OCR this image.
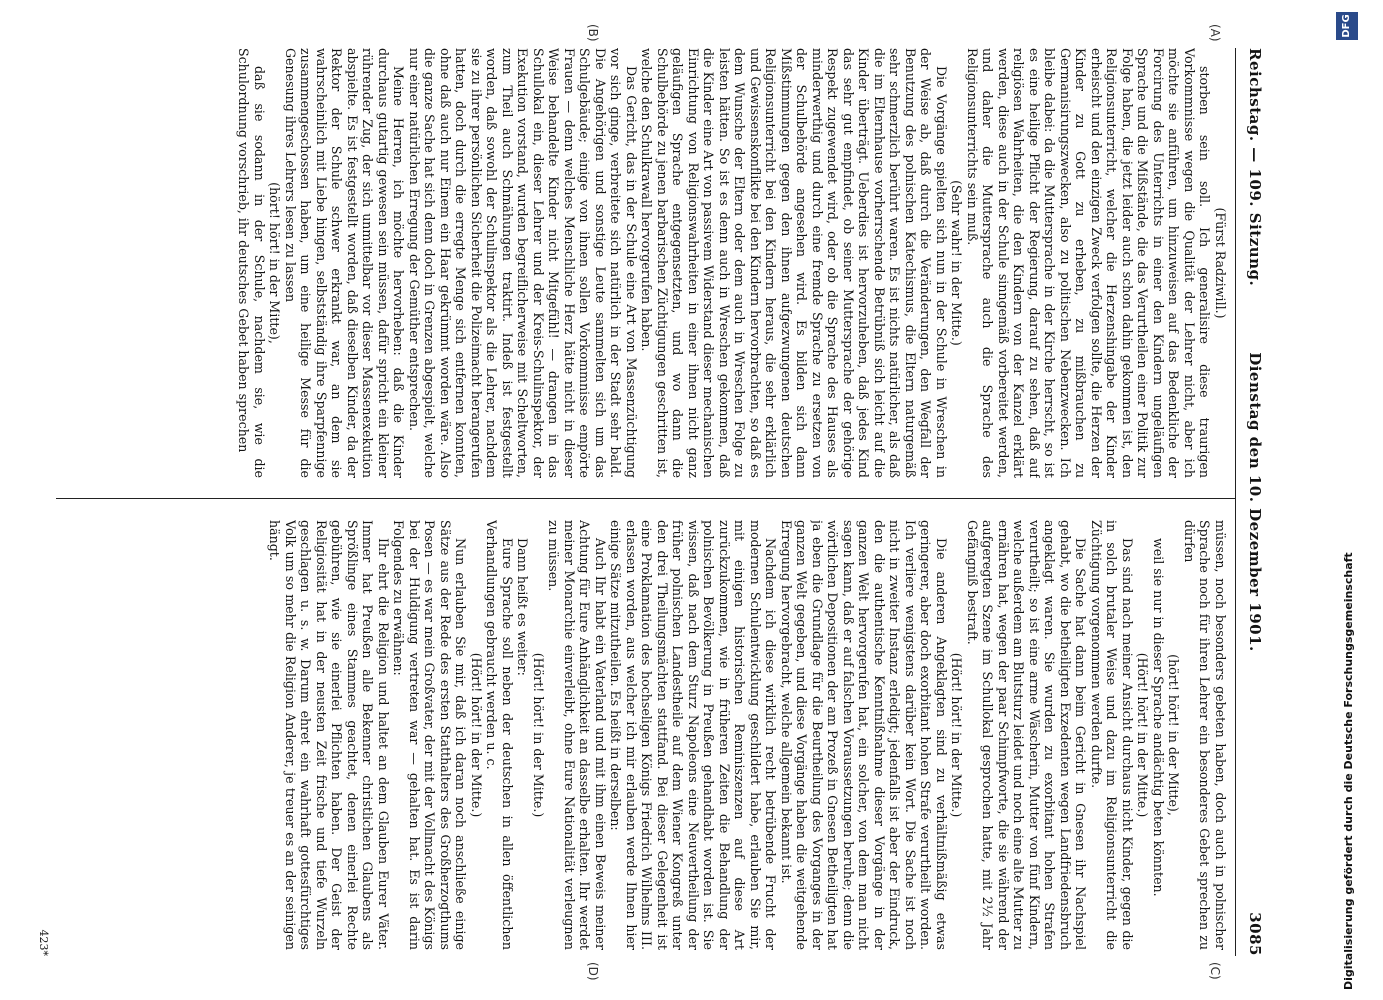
Reichstag. — 109. Sitzung.
Dienstag den 10. Dezember 1901.
3085
(A)
(B)
(C)
(D)

(Fürst Radziwill.)

storben sein soll. Ich generalisire diese traurigen Vorkommnisse wegen die Qualität der Lehrer nicht, aber ich möchte sie anführen, um hinzuweisen auf das Bedenkliche der Forcirung des Unterrichts in einer den Kindern ungeläufigen Sprache und die Mißstände, die das Verurtheilen einer Politik zur Folge haben, die jetzt leider auch schon dahin gekommen ist, den Religionsunterricht, welcher die Herzenshingabe der Kinder erheischt und den einzigen Zweck verfolgen sollte, die Herzen der Kinder zu Gott zu erheben, zu mißbrauchen zu Germanisirungszwecken, also zu politischen Nebenzwecken. Ich bleibe dabei: da die Muttersprache in der Kirche herrscht, so ist es eine heilige Pflicht der Regierung, darauf zu sehen, daß auf religiösen Wahrheiten, die den Kindern von der Kanzel erklärt werden, diese auch in der Schule sinngemäß vorbereitet werden, und daher die Muttersprache auch die Sprache des Religionsunterrichts sein muß.

(Sehr wahr! in der Mitte.)

Die Vorgänge spielten sich nun in der Schule in Wreschen in der Weise ab, daß durch die Veränderungen, den Wegfall der Benutzung des polnischen Katechismus, die Eltern naturgemäß sehr schmerzlich berührt waren. Es ist nichts natürlicher, als daß die im Elternhause vorherrschende Betrübniß sich leicht auf die Kinder überträgt. Ueberdies ist hervorzuheben, daß jedes Kind das sehr gut empfindet, ob seiner Muttersprache der gehörige Respekt zugewendet wird, oder ob die Sprache des Hauses als minderwerthig und durch eine fremde Sprache zu ersetzen von der Schulbehörde angesehen wird. Es bilden sich dann Mißstimmungen gegen den ihnen aufgezwungenen deutschen Religionsunterricht bei den Kindern heraus, die sehr erklärlich und Gewissenskonflikte bei den Kindern hervorbrachten, so daß es dem Wunsche der Eltern oder dem auch in Wreschen Folge zu leisten hätten. So ist es denn auch in Wreschen gekommen, daß die Kinder eine Art von passivem Widerstand dieser mechanischen Einrichtung von Religionswahrheiten in einer ihnen nicht ganz geläufigen Sprache entgegensetzten, und wo dann die Schulbehörde zu jenen barbarischen Züchtigungen geschritten ist, welche den Schulkrawall hervorgerufen haben.

Das Gericht, das in der Schule eine Art von Massenzüchtigung vor sich ginge, verbreitete sich natürlich in der Stadt sehr bald. Die Angehörigen und sonstige Leute sammelten sich um das Schulgebäude; einige von ihnen sollen Vorkommnisse empörte Frauen — denn welches Menschliche Herz hätte nicht in dieser Weise behandelte Kinder nicht Mitgefühl! — drangen in das Schullokal ein, dieser Lehrer und der Kreis-Schulinspektor, der Exekution vorstand, wurden begreiflicherweise mit Scheltworten, zum Theil auch Schmähungen traktirt. Indeß ist festgestellt worden, daß sowohl der Schulinspektor als die Lehrer, nachdem sie zu ihrer persönlichen Sicherheit die Polizeimacht herangerufen hatten, doch durch die erregte Menge sich entfernen konnten, ohne daß auch nur Einem ein Haar gekrümmt worden wäre. Also die ganze Sache hat sich denn doch in Grenzen abgespielt, welche nur einer natürlichen Erregung der Gemüther entsprechen.

Meine Herren, ich möchte hervorheben: daß die Kinder durchaus gutartig gewesen sein müssen, dafür spricht ein kleiner rührender Zug, der sich unmittelbar vor dieser Massenexekution abspielte. Es ist festgestellt worden, daß dieselben Kinder, da der Rektor der Schule schwer erkrankt war, an dem sie wahrscheinlich mit Liebe hingen, selbstständig ihre Sparpfennige zusammengeschossen haben, um eine heilige Messe für die Genesung ihres Lehrers lesen zu lassen

(hört! hört! in der Mitte),

daß sie sodann in der Schule, nachdem sie, wie die Schulordnung vorschrieb, ihr deutsches Gebet haben sprechen

müssen, noch besonders gebeten haben, doch auch in polnischer Sprache noch für ihren Lehrer ein besonderes Gebet sprechen zu dürfen

(hört! hört! in der Mitte),

weil sie nur in dieser Sprache andächtig beten könnten.

(Hört! hört! in der Mitte.)

Das sind nach meiner Ansicht durchaus nicht Kinder, gegen die in solch brutaler Weise und dazu im Religionsunterricht die Züchtigung vorgenommen werden durfte.

Die Sache hat dann beim Gericht in Gnesen ihr Nachspiel gehabt, wo die betheiligten Exzedenten wegen Landfriedensbruch angeklagt waren. Sie wurden zu exorbitant hohen Strafen verurtheilt; so ist eine arme Wäscherin, Mutter von fünf Kindern, welche außerdem am Blutsturz leidet und noch eine alte Mutter zu ernähren hat, wegen der paar Schimpfworte, die sie während der aufgeregten Szene im Schullokal gesprochen hatte, mit 2½ Jahr Gefängniß bestraft.

(Hört! hört! in der Mitte.)

Die anderen Angeklagten sind zu verhältnißmäßig etwas geringerer, aber doch exorbitant hohen Strafe verurtheilt worden. Ich verliere wenigstens darüber kein Wort. Die Sache ist noch nicht in zweiter Instanz erledigt; jedenfalls ist aber der Eindruck, den die authentische Kenntnißnahme dieser Vorgänge in der ganzen Welt hervorgerufen hat, ein solcher, von dem man nicht sagen kann, daß er auf falschen Voraussetzungen beruhe; denn die wörtlichen Depositionen der am Prozeß in Gnesen Betheiligten hat ja eben die Grundlage für die Beurtheilung des Vorganges in der ganzen Welt gegeben, und diese Vorgänge haben die weitgehende Erregung hervorgebracht, welche allgemein bekannt ist.

Nachdem ich diese wirklich recht betrübende Frucht der modernen Schulentwicklung geschildert habe, erlauben Sie mir, mit einigen historischen Reminiszenzen auf diese Art zurückzukommen, wie in früheren Zeiten die Behandlung der polnischen Bevölkerung in Preußen gehandhabt worden ist. Sie wissen, daß nach dem Sturz Napoleons eine Neuvertheilung der früher polnischen Landestheile auf dem Wiener Kongreß unter den drei Theilungsmächten stattfand. Bei dieser Gelegenheit ist eine Proklamation des hochseligen Königs Friedrich Wilhelms III. erlassen worden, aus welcher ich mir erlauben werde Ihnen hier einige Sätze mitzutheilen. Es heißt in derselben:

Auch Ihr habt ein Vaterland und mit ihm einen Beweis meiner Achtung für Eure Anhänglichkeit an dasselbe erhalten. Ihr werdet meiner Monarchie einverleibt, ohne Eure Nationalität verleugnen zu müssen.

(Hört! hört! in der Mitte.)

Dann heißt es weiter:

Eure Sprache soll neben der deutschen in allen öffentlichen Verhandlungen gebraucht werden u. c.

(Hört! hört! in der Mitte.)

Nun erlauben Sie mir, daß ich daran noch anschließe einige Sätze aus der Rede des ersten Statthalters des Großherzogthums Posen — es war mein Großvater, der mit der Vollmacht des Königs bei der Huldigung vertreten war — gehalten hat. Es ist darin Folgendes zu erwähnen:

Ihr ehrt die Religion und haltet an dem Glauben Eurer Väter. Immer hat Preußen alle Bekenner christlichen Glaubens als Sprößlinge eines Stammes geachtet, denen einerlei Rechte gebühren, wie sie einerlei Pflichten haben. Der Geist der Religiosität hat in der neusten Zeit frische und tiefe Wurzeln geschlagen u. s. w. Darum ehret ein wahrhaft gottesfürchtiges Volk um so mehr die Religion Anderer, je treuer es an der seinigen hängt.

423*	Digitalisierung gefördert durch die Deutsche Forschungsgemeinschaft
DFG
